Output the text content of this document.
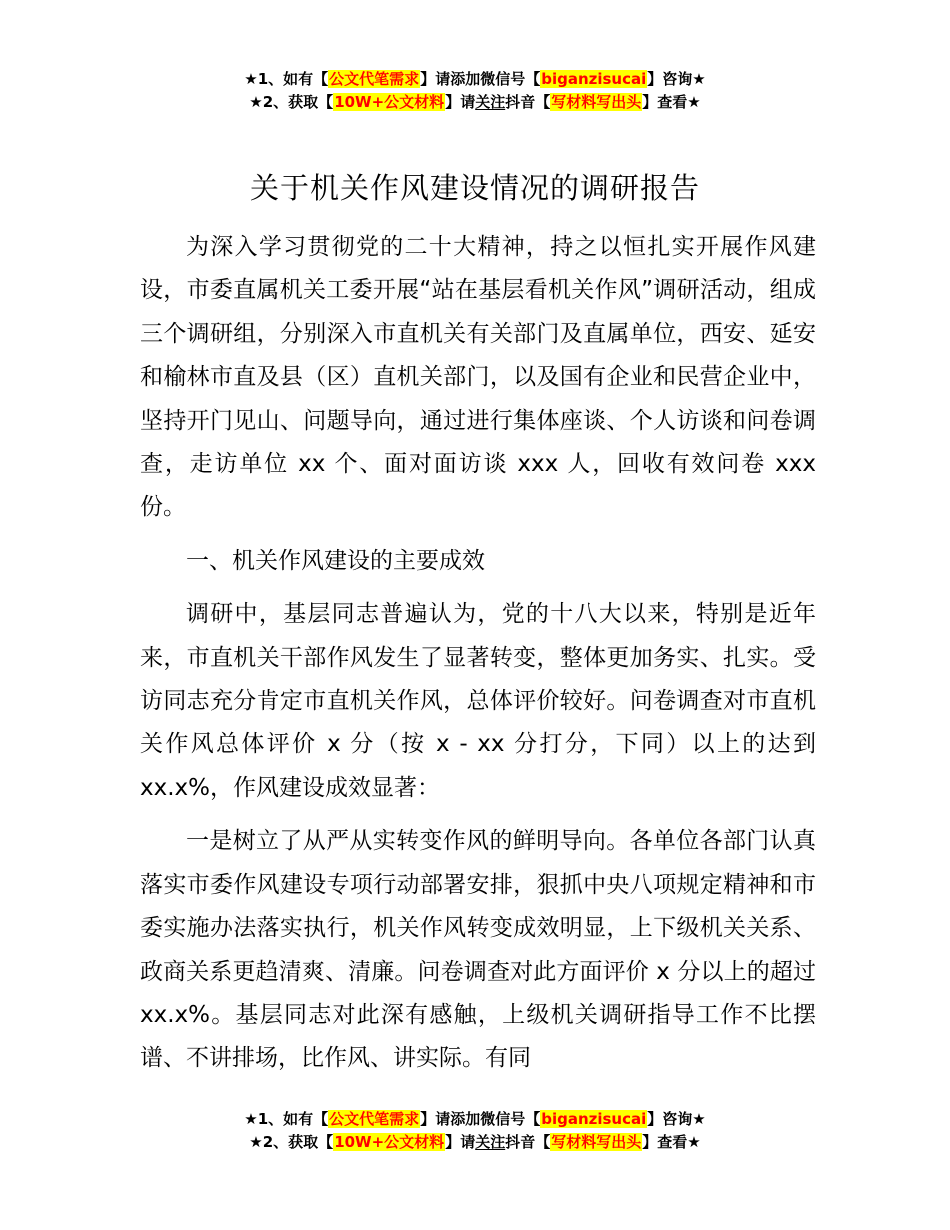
★1、如有【公文代笔需求】请添加微信号【biganzisucai】咨询★
★2、获取【10W+公文材料】请关注抖音【写材料写出头】查看★
关于机关作风建设情况的调研报告

为深入学习贯彻党的二十大精神，持之以恒扎实开展作风建设，市委直属机关工委开展“站在基层看机关作风”调研活动，组成三个调研组，分别深入市直机关有关部门及直属单位，西安、延安和榆林市直及县（区）直机关部门，以及国有企业和民营企业中，坚持开门见山、问题导向，通过进行集体座谈、个人访谈和问卷调查，走访单位 xx 个、面对面访谈 xxx 人，回收有效问卷 xxx 份。

一、机关作风建设的主要成效

调研中，基层同志普遍认为，党的十八大以来，特别是近年来，市直机关干部作风发生了显著转变，整体更加务实、扎实。受访同志充分肯定市直机关作风，总体评价较好。问卷调查对市直机关作风总体评价 x 分（按 x - xx 分打分，下同）以上的达到 xx.x%，作风建设成效显著：

一是树立了从严从实转变作风的鲜明导向。各单位各部门认真落实市委作风建设专项行动部署安排，狠抓中央八项规定精神和市委实施办法落实执行，机关作风转变成效明显，上下级机关关系、政商关系更趋清爽、清廉。问卷调查对此方面评价 x 分以上的超过 xx.x%。基层同志对此深有感触，上级机关调研指导工作不比摆谱、不讲排场，比作风、讲实际。有同

★1、如有【公文代笔需求】请添加微信号【biganzisucai】咨询★
★2、获取【10W+公文材料】请关注抖音【写材料写出头】查看★
